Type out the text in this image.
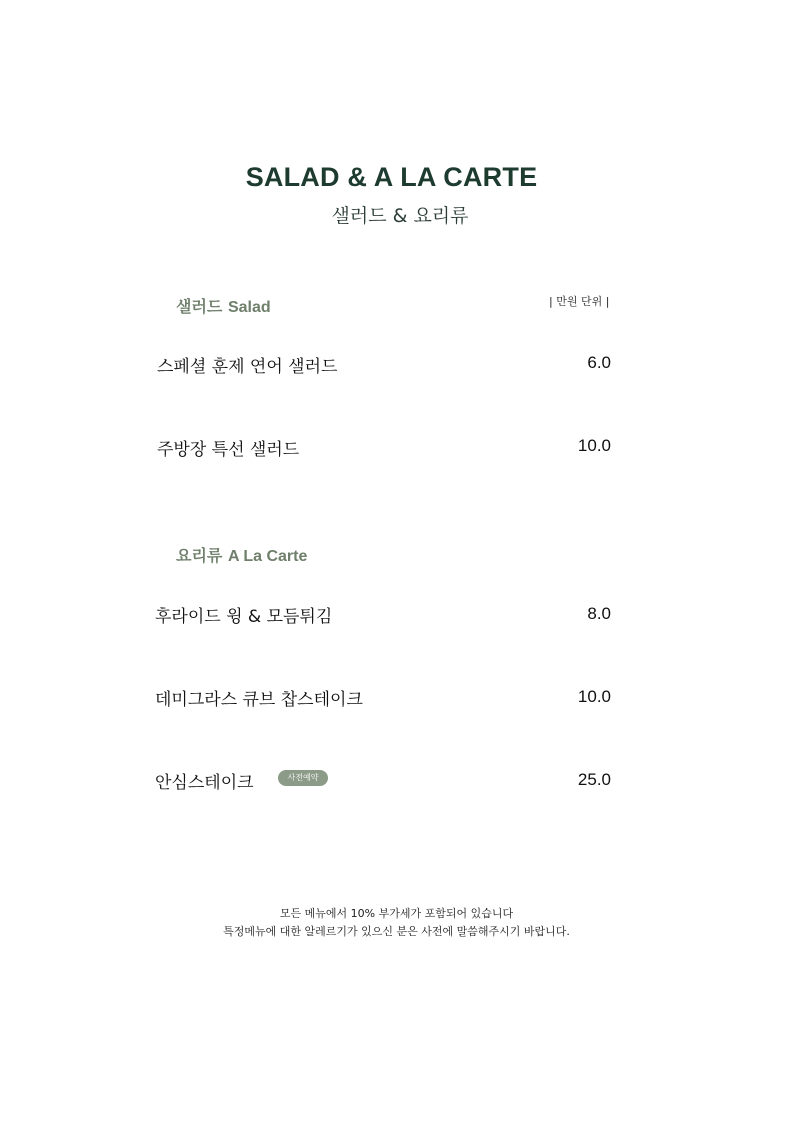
SALAD & A LA CARTE
샐러드 & 요리류
샐러드 Salad	| 만원 단위 |
스페셜 훈제 연어 샐러드	6.0
주방장 특선 샐러드	10.0
요리류 A La Carte
후라이드 윙 & 모듬튀김	8.0
데미그라스 큐브 찹스테이크	10.0
안심스테이크	사전예약	25.0
모든 메뉴에서 10% 부가세가 포함되어 있습니다
특정메뉴에 대한 알레르기가 있으신 분은 사전에 말씀해주시기 바랍니다.
